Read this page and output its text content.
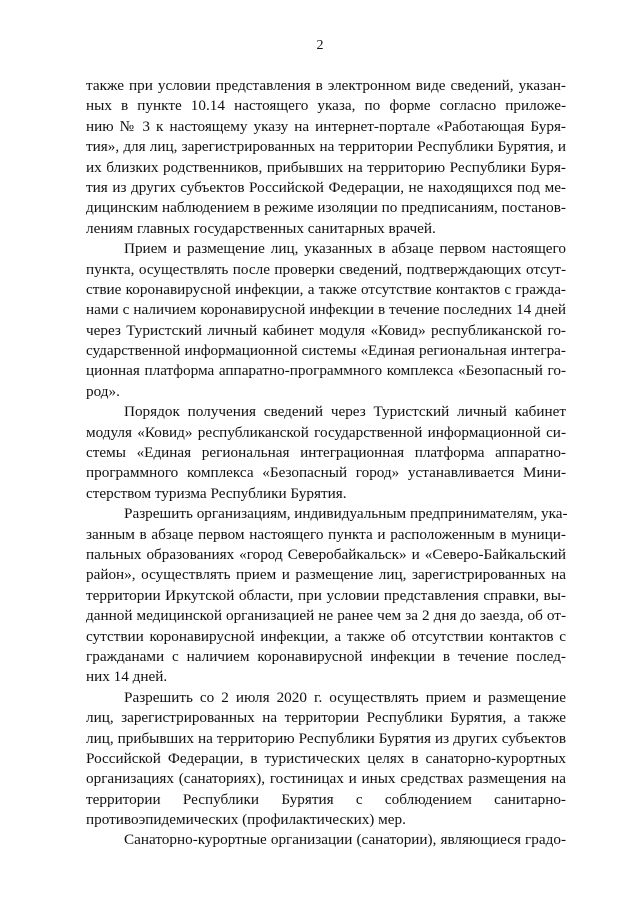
2
также при условии представления в электронном виде сведений, указан-
ных в пункте 10.14 настоящего указа, по форме согласно приложе-
нию № 3 к настоящему указу на интернет-портале «Работающая Буря-
тия», для лиц, зарегистрированных на территории Республики Бурятия, и
их близких родственников, прибывших на территорию Республики Буря-
тия из других субъектов Российской Федерации, не находящихся под ме-
дицинским наблюдением в режиме изоляции по предписаниям, постанов-
лениям главных государственных санитарных врачей.
Прием и размещение лиц, указанных в абзаце первом настоящего
пункта, осуществлять после проверки сведений, подтверждающих отсут-
ствие коронавирусной инфекции, а также отсутствие контактов с гражда-
нами с наличием коронавирусной инфекции в течение последних 14 дней
через Туристский личный кабинет модуля «Ковид» республиканской го-
сударственной информационной системы «Единая региональная интегра-
ционная платформа аппаратно-программного комплекса «Безопасный го-
род».
Порядок получения сведений через Туристский личный кабинет
модуля «Ковид» республиканской государственной информационной си-
стемы «Единая региональная интеграционная платформа аппаратно-
программного комплекса «Безопасный город» устанавливается Мини-
стерством туризма Республики Бурятия.
Разрешить организациям, индивидуальным предпринимателям, ука-
занным в абзаце первом настоящего пункта и расположенным в муници-
пальных образованиях «город Северобайкальск» и «Северо-Байкальский
район», осуществлять прием и размещение лиц, зарегистрированных на
территории Иркутской области, при условии представления справки, вы-
данной медицинской организацией не ранее чем за 2 дня до заезда, об от-
сутствии коронавирусной инфекции, а также об отсутствии контактов с
гражданами с наличием коронавирусной инфекции в течение послед-
них 14 дней.
Разрешить со 2 июля 2020 г. осуществлять прием и размещение
лиц, зарегистрированных на территории Республики Бурятия, а также
лиц, прибывших на территорию Республики Бурятия из других субъектов
Российской Федерации, в туристических целях в санаторно-курортных
организациях (санаториях), гостиницах и иных средствах размещения на
территории Республики Бурятия с соблюдением санитарно-
противоэпидемических (профилактических) мер.
Санаторно-курортные организации (санатории), являющиеся градо-
